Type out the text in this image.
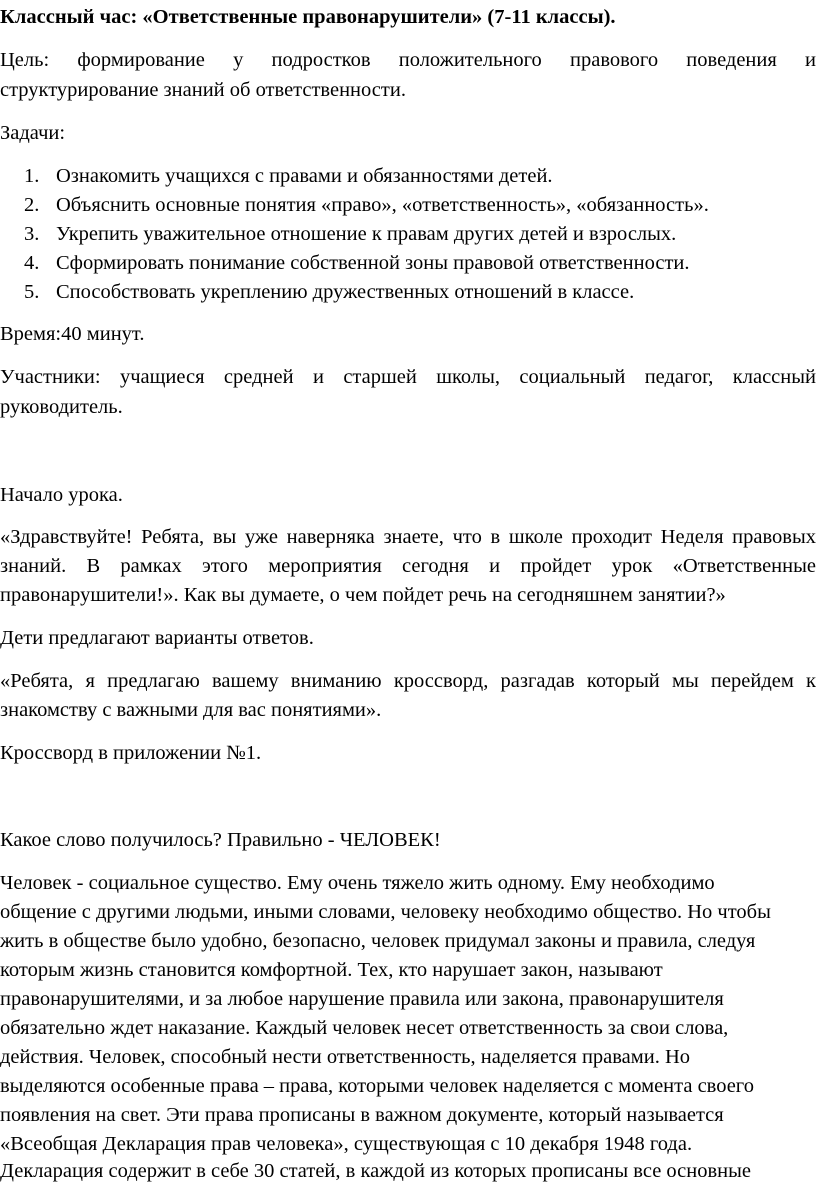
Классный час: «Ответственные правонарушители» (7-11 классы).
Цель: формирование у подростков положительного правового поведения и
структурирование знаний об ответственности.
Задачи:
1. Ознакомить учащихся с правами и обязанностями детей.
2. Объяснить основные понятия «право», «ответственность», «обязанность».
3. Укрепить уважительное отношение к правам других детей и взрослых.
4. Сформировать понимание собственной зоны правовой ответственности.
5. Способствовать укреплению дружественных отношений в классе.
Время:40 минут.
Участники: учащиеся средней и старшей школы, социальный педагог, классный
руководитель.
Начало урока.
«Здравствуйте! Ребята, вы уже наверняка знаете, что в школе проходит Неделя правовых
знаний. В рамках этого мероприятия сегодня и пройдет урок «Ответственные
правонарушители!». Как вы думаете, о чем пойдет речь на сегодняшнем занятии?»
Дети предлагают варианты ответов.
«Ребята, я предлагаю вашему вниманию кроссворд, разгадав который мы перейдем к
знакомству с важными для вас понятиями».
Кроссворд в приложении №1.
Какое слово получилось? Правильно - ЧЕЛОВЕК!
Человек - социальное существо. Ему очень тяжело жить одному. Ему необходимо
общение с другими людьми, иными словами, человеку необходимо общество. Но чтобы
жить в обществе было удобно, безопасно, человек придумал законы и правила, следуя
которым жизнь становится комфортной. Тех, кто нарушает закон, называют
правонарушителями, и за любое нарушение правила или закона, правонарушителя
обязательно ждет наказание. Каждый человек несет ответственность за свои слова,
действия. Человек, способный нести ответственность, наделяется правами. Но
выделяются особенные права – права, которыми человек наделяется с момента своего
появления на свет. Эти права прописаны в важном документе, который называется
«Всеобщая Декларация прав человека», существующая с 10 декабря 1948 года.
Декларация содержит в себе 30 статей, в каждой из которых прописаны все основные
